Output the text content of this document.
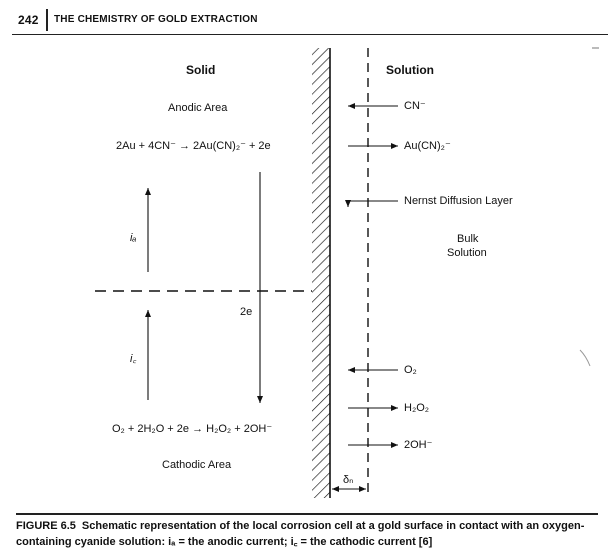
242 THE CHEMISTRY OF GOLD EXTRACTION
Solid	Solution
Anodic Area
2Au + 4CN⁻ → 2Au(CN)₂⁻ + 2e
iₐ
2e
i꜀
O₂ + 2H₂O + 2e → H₂O₂ + 2OH⁻
Cathodic Area
CN⁻
Au(CN)₂⁻
Nernst Diffusion Layer
Bulk
Solution
O₂
H₂O₂
2OH⁻
δₙ
FIGURE 6.5 Schematic representation of the local corrosion cell at a gold surface in contact with an oxygen-containing cyanide solution: iₐ = the anodic current; i꜀ = the cathodic current [6]
